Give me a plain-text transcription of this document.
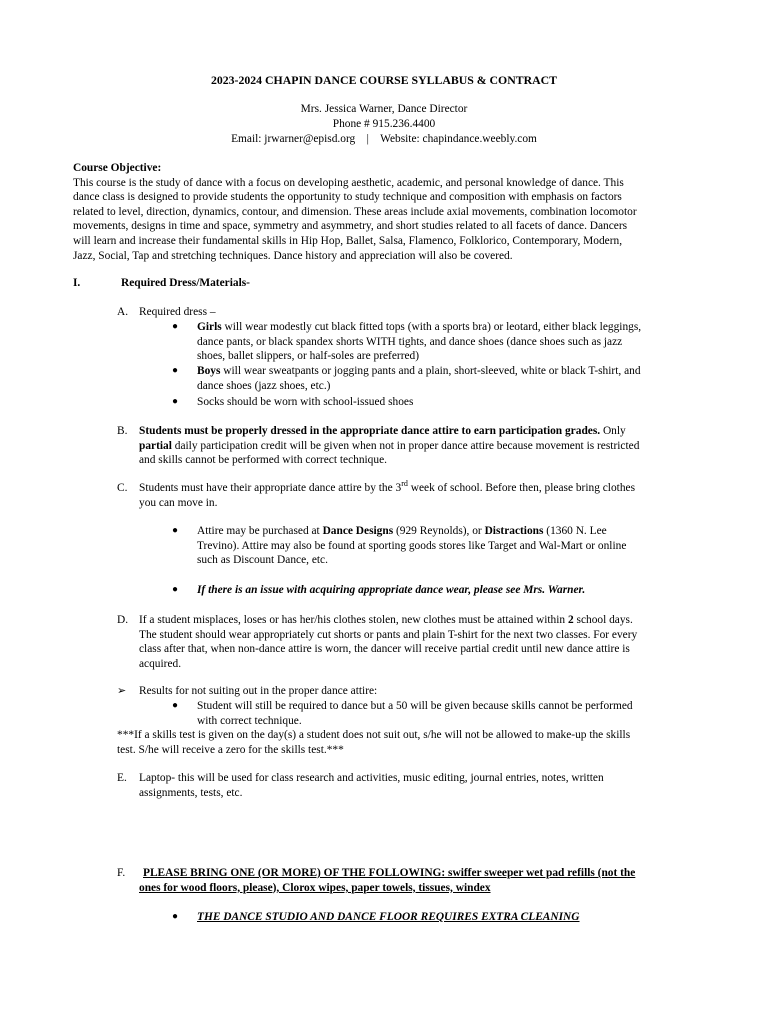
2023-2024 CHAPIN DANCE COURSE SYLLABUS & CONTRACT
Mrs. Jessica Warner, Dance Director
Phone # 915.236.4400
Email: jrwarner@episd.org    |    Website: chapindance.weebly.com
Course Objective:
This course is the study of dance with a focus on developing aesthetic, academic, and personal knowledge of dance. This
dance class is designed to provide students the opportunity to study technique and composition with emphasis on factors
related to level, direction, dynamics, contour, and dimension. These areas include axial movements, combination locomotor
movements, designs in time and space, symmetry and asymmetry, and short studies related to all facets of dance. Dancers
will learn and increase their fundamental skills in Hip Hop, Ballet, Salsa, Flamenco, Folklorico, Contemporary, Modern,
Jazz, Social, Tap and stretching techniques. Dance history and appreciation will also be covered.
I.	Required Dress/Materials-
A. Required dress –
● Girls will wear modestly cut black fitted tops (with a sports bra) or leotard, either black leggings,
dance pants, or black spandex shorts WITH tights, and dance shoes (dance shoes such as jazz
shoes, ballet slippers, or half-soles are preferred)
● Boys will wear sweatpants or jogging pants and a plain, short-sleeved, white or black T-shirt, and
dance shoes (jazz shoes, etc.)
● Socks should be worn with school-issued shoes
B. Students must be properly dressed in the appropriate dance attire to earn participation grades. Only
partial daily participation credit will be given when not in proper dance attire because movement is restricted
and skills cannot be performed with correct technique.
C. Students must have their appropriate dance attire by the 3rd week of school. Before then, please bring clothes
you can move in.
● Attire may be purchased at Dance Designs (929 Reynolds), or Distractions (1360 N. Lee
Trevino). Attire may also be found at sporting goods stores like Target and Wal-Mart or online
such as Discount Dance, etc.
● If there is an issue with acquiring appropriate dance wear, please see Mrs. Warner.
D. If a student misplaces, loses or has her/his clothes stolen, new clothes must be attained within 2 school days.
The student should wear appropriately cut shorts or pants and plain T-shirt for the next two classes. For every
class after that, when non-dance attire is worn, the dancer will receive partial credit until new dance attire is
acquired.
➢ Results for not suiting out in the proper dance attire:
● Student will still be required to dance but a 50 will be given because skills cannot be performed
with correct technique.
***If a skills test is given on the day(s) a student does not suit out, s/he will not be allowed to make-up the skills
test. S/he will receive a zero for the skills test.***
E. Laptop- this will be used for class research and activities, music editing, journal entries, notes, written
assignments, tests, etc.
F.	PLEASE BRING ONE (OR MORE) OF THE FOLLOWING: swiffer sweeper wet pad refills (not the
ones for wood floors, please), Clorox wipes, paper towels, tissues, windex
● THE DANCE STUDIO AND DANCE FLOOR REQUIRES EXTRA CLEANING
